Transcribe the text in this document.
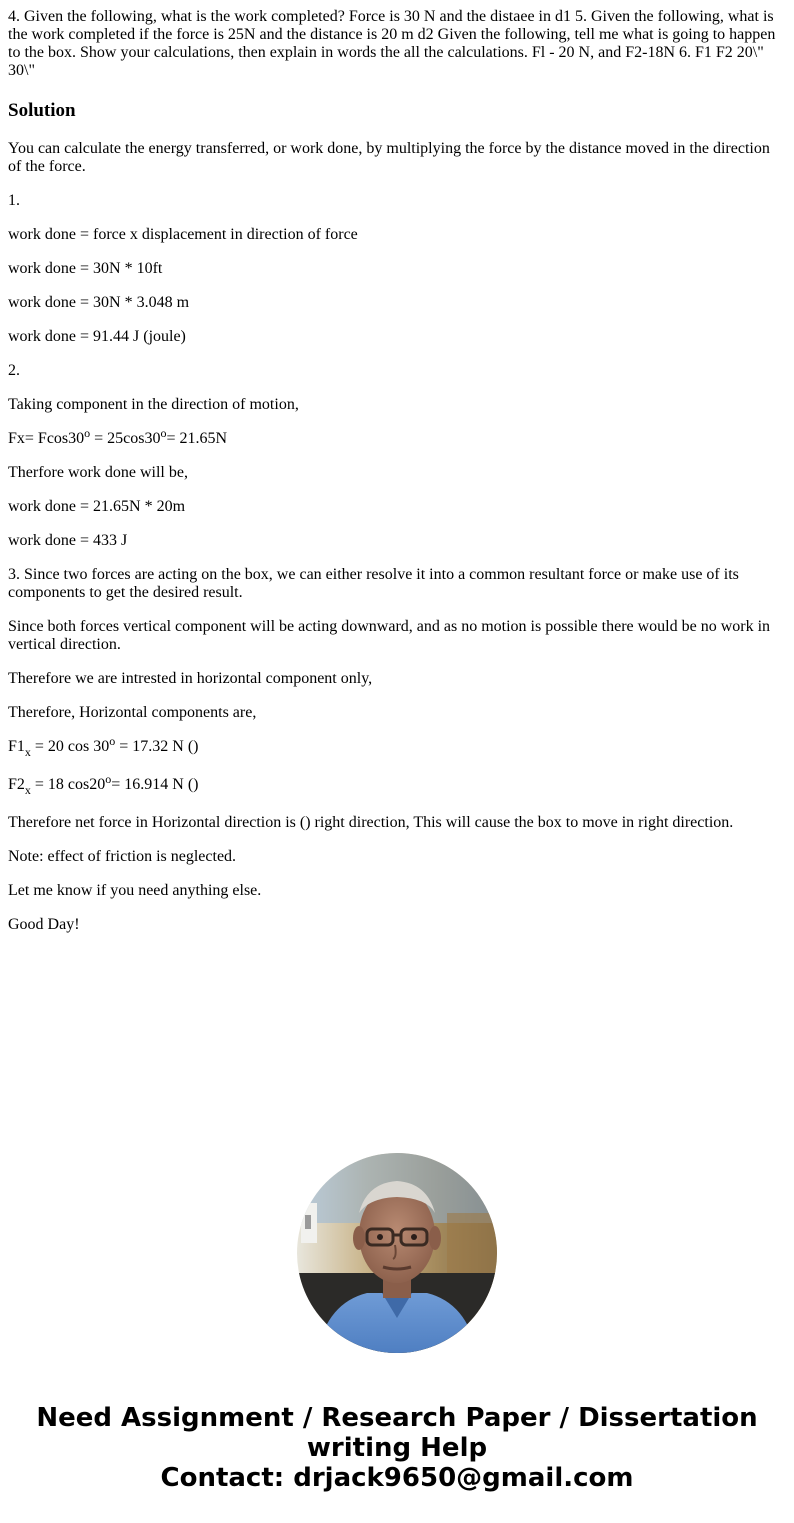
4. Given the following, what is the work completed? Force is 30 N and the distaee in d1 5. Given the following, what is the work completed if the force is 25N and the distance is 20 m d2 Given the following, tell me what is going to happen to the box. Show your calculations, then explain in words the all the calculations. Fl - 20 N, and F2-18N 6. F1 F2 20\" 30\"

Solution

You can calculate the energy transferred, or work done, by multiplying the force by the distance moved in the direction of the force.

1.

work done = force x displacement in direction of force

work done = 30N * 10ft

work done = 30N * 3.048 m

work done = 91.44 J (joule)

2.

Taking component in the direction of motion,

$Fx= Fcos30^o = 25\cos 30^o= 21.65N$

Therfore work done will be,

work done = 21.65N * 20m

work done = 433 J

3. Since two forces are acting on the box, we can either resolve it into a common resultant force or make use of its components to get the desired result.

Since both forces vertical component will be acting downward, and as no motion is possible there would be no work in vertical direction.

Therefore we are intrested in horizontal component only,

Therefore, Horizontal components are,

$F1_x = 20$ $\cos 30^o = 17.32$ N ()

$F2_x = 18$ $\cos 20^o= 16.914$ N ()

Therefore net force in Horizontal direction is () right direction, This will cause the box to move in right direction.

Note: effect of friction is neglected.

Let me know if you need anything else.

Good Day!

Need Assignment / Research Paper / Dissertation
writing Help
Contact: drjack9650@gmail.com
